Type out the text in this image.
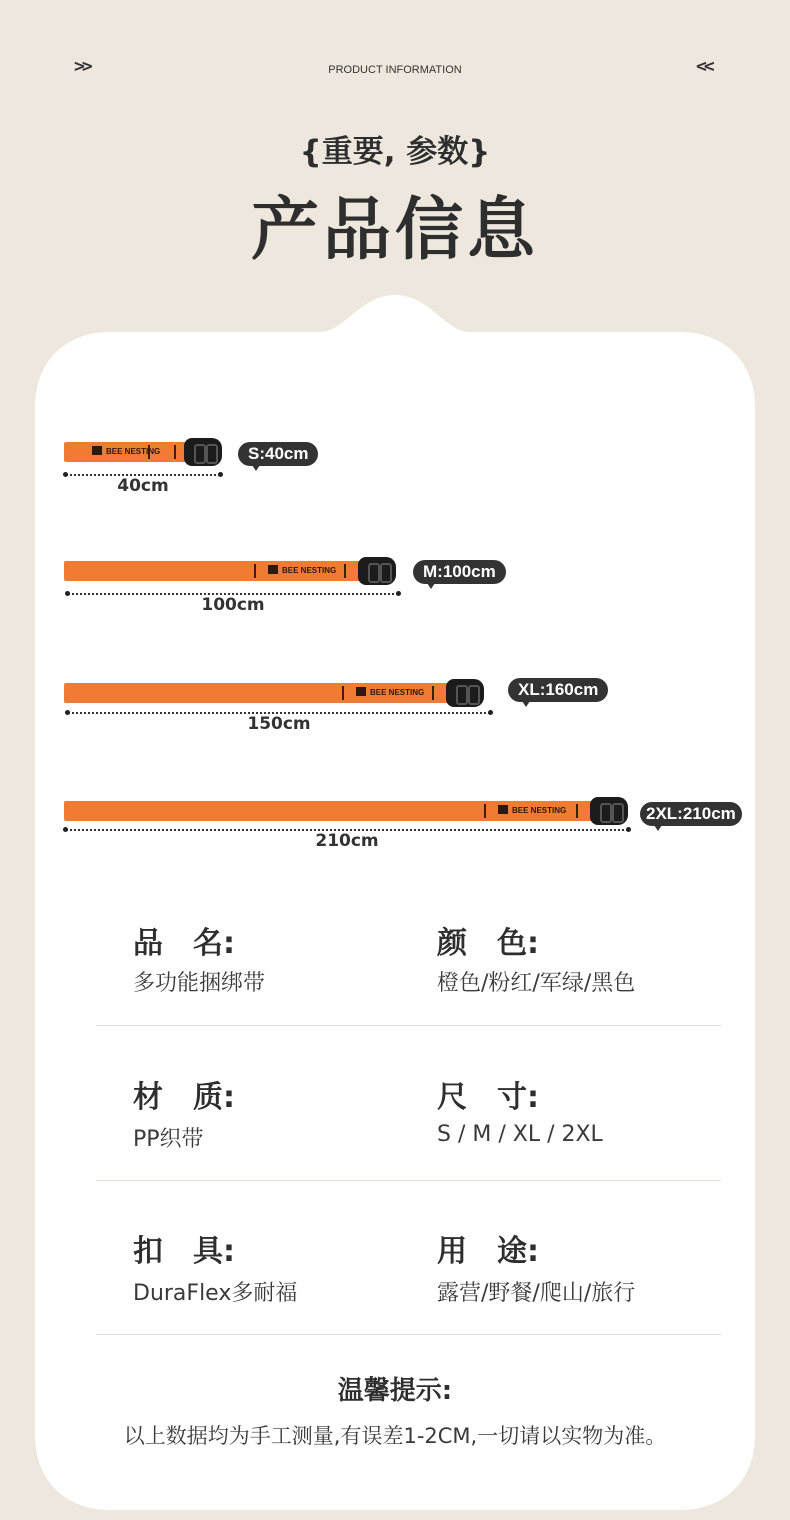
>>	PRODUCT INFORMATION	<<
{重要, 参数}
产品信息
BEE NESTING
40cm
S:40cm
BEE NESTING
100cm
M:100cm
BEE NESTING
150cm
XL:160cm
BEE NESTING
210cm
2XL:210cm
品　名:
多功能捆绑带
颜　色:
橙色/粉红/军绿/黑色
材　质:
PP织带
尺　寸:
S / M / XL / 2XL
扣　具:
DuraFlex多耐福
用　途:
露营/野餐/爬山/旅行
温馨提示:
以上数据均为手工测量,有误差1-2CM,一切请以实物为准。
